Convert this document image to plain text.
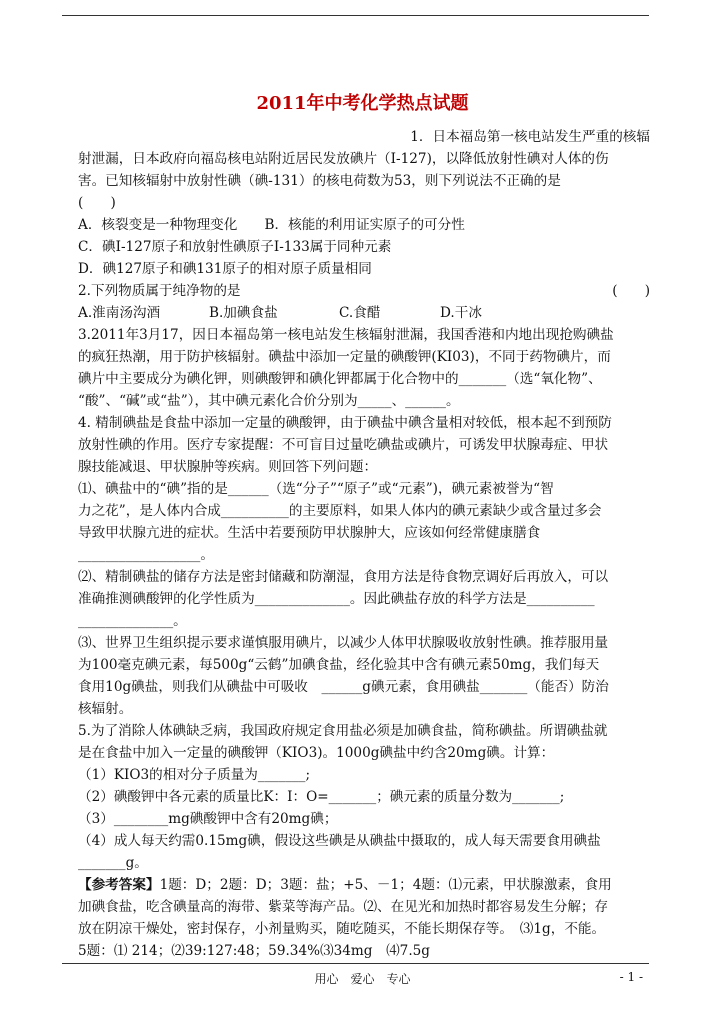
2011年中考化学热点试题
1．日本福岛第一核电站发生严重的核辐
射泄漏，日本政府向福岛核电站附近居民发放碘片（I-127)，以降低放射性碘对人体的伤
害。已知核辐射中放射性碘（碘-131）的核电荷数为53，则下列说法不正确的是
(　　)
A．核裂变是一种物理变化　　B．核能的利用证实原子的可分性
C．碘I-127原子和放射性碘原子I-133属于同种元素
D．碘127原子和碘131原子的相对原子质量相同
2.下列物质属于纯净物的是	(　　)
A.淮南汤沟酒	B.加碘食盐	C.食醋	D.干冰
3.2011年3月17，因日本福岛第一核电站发生核辐射泄漏，我国香港和内地出现抢购碘盐
的疯狂热潮，用于防护核辐射。碘盐中添加一定量的碘酸钾(KI03)，不同于药物碘片，而
碘片中主要成分为碘化钾，则碘酸钾和碘化钾都属于化合物中的_______（选“氧化物”、
“酸”、“碱”或“盐”），其中碘元素化合价分别为_____、______。
4. 精制碘盐是食盐中添加一定量的碘酸钾，由于碘盐中碘含量相对较低，根本起不到预防
放射性碘的作用。医疗专家提醒：不可盲目过量吃碘盐或碘片，可诱发甲状腺毒症、甲状
腺技能减退、甲状腺肿等疾病。则回答下列问题：
⑴、碘盐中的“碘”指的是______（选“分子”“原子”或“元素”)，碘元素被誉为“智
力之花”，是人体内合成__________的主要原料，如果人体内的碘元素缺少或含量过多会
导致甲状腺亢进的症状。生活中若要预防甲状腺肿大，应该如何经常健康膳食
__________________。
⑵、精制碘盐的储存方法是密封储藏和防潮湿，食用方法是待食物烹调好后再放入，可以
准确推测碘酸钾的化学性质为______________。因此碘盐存放的科学方法是__________
______________。
⑶、世界卫生组织提示要求谨慎服用碘片，以减少人体甲状腺吸收放射性碘。推荐服用量
为100毫克碘元素，每500g“云鹤”加碘食盐，经化验其中含有碘元素50mg，我们每天
食用10g碘盐，则我们从碘盐中可吸收　______g碘元素，食用碘盐_______（能否）防治
核辐射。
5.为了消除人体碘缺乏病，我国政府规定食用盐必须是加碘食盐，简称碘盐。所谓碘盐就
是在食盐中加入一定量的碘酸钾（KIO3)。1000g碘盐中约含20mg碘。计算：
（1）KIO3的相对分子质量为_______;
（2）碘酸钾中各元素的质量比K：I：O=_______；碘元素的质量分数为_______;
（3）________mg碘酸钾中含有20mg碘；
（4）成人每天约需0.15mg碘，假设这些碘是从碘盐中摄取的，成人每天需要食用碘盐
_______g。
【参考答案】1题：D；2题：D；3题：盐；+5、－1；4题：⑴元素，甲状腺激素，食用
加碘食盐，吃含碘量高的海带、紫菜等海产品。⑵、在见光和加热时都容易发生分解；存
放在阴凉干燥处，密封保存，小剂量购买，随吃随买，不能长期保存等。　⑶1g，不能。
5题：⑴ 214；⑵39:127:48；59.34%⑶34mg　⑷7.5g
用心　爱心　专心	- 1 -
